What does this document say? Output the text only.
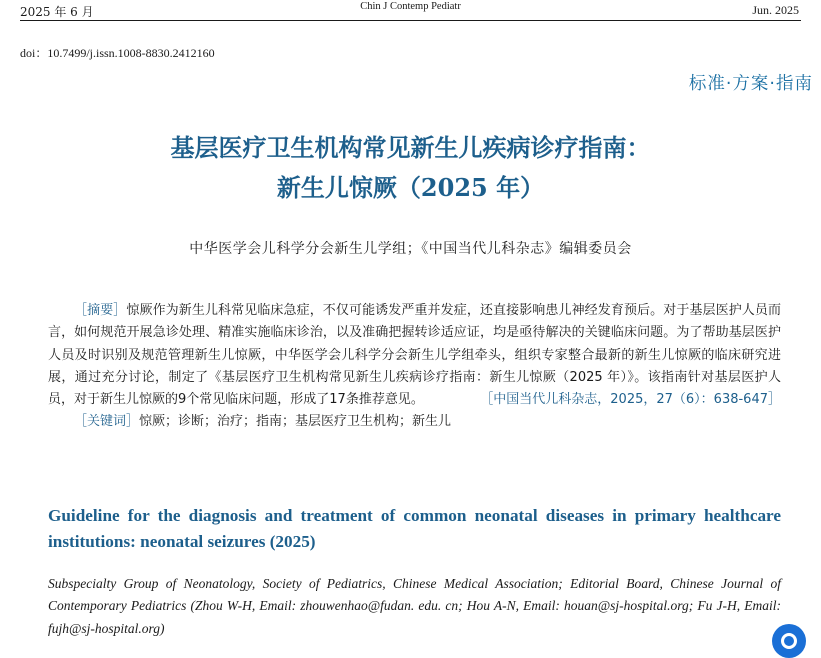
2025 年 6 月	Chin J Contemp Pediatr	Jun. 2025
doi：10.7499/j.issn.1008-8830.2412160
标准·方案·指南
基层医疗卫生机构常见新生儿疾病诊疗指南：
新生儿惊厥（2025 年）
中华医学会儿科学分会新生儿学组；《中国当代儿科杂志》编辑委员会

［摘要］惊厥作为新生儿科常见临床急症，不仅可能诱发严重并发症，还直接影响患儿神经发育预后。对于基层医护人员而言，如何规范开展急诊处理、精准实施临床诊治，以及准确把握转诊适应证，均是亟待解决的关键临床问题。为了帮助基层医护人员及时识别及规范管理新生儿惊厥，中华医学会儿科学分会新生儿学组牵头，组织专家整合最新的新生儿惊厥的临床研究进展，通过充分讨论，制定了《基层医疗卫生机构常见新生儿疾病诊疗指南：新生儿惊厥（2025 年）》。该指南针对基层医护人员，对于新生儿惊厥的9个常见临床问题，形成了17条推荐意见。	［中国当代儿科杂志，2025，27（6）：638-647］

［关键词］惊厥；诊断；治疗；指南；基层医疗卫生机构；新生儿

Guideline for the diagnosis and treatment of common neonatal diseases in primary healthcare institutions: neonatal seizures (2025)
Subspecialty Group of Neonatology, Society of Pediatrics, Chinese Medical Association; Editorial Board, Chinese Journal of Contemporary Pediatrics (Zhou W-H, Email: zhouwenhao@fudan. edu. cn; Hou A-N, Email: houan@sj-hospital.org; Fu J-H, Email: fujh@sj-hospital.org)
